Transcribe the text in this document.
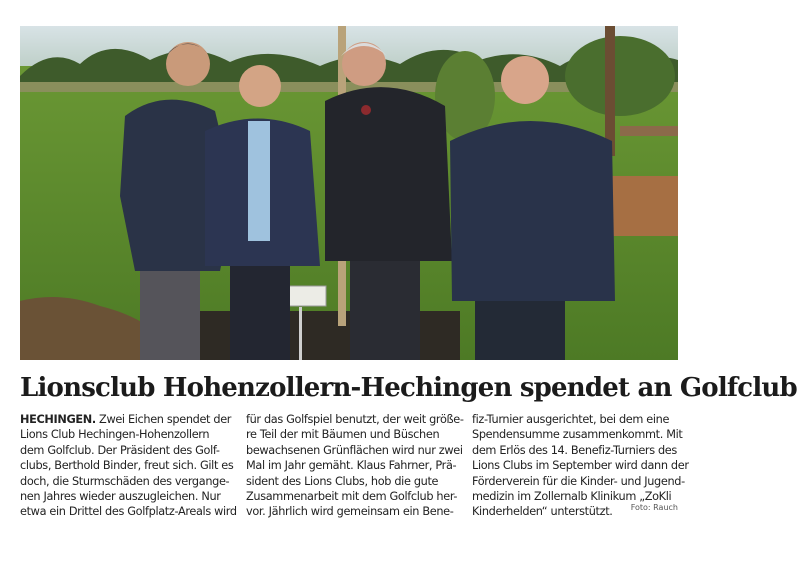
Lionsclub Hohenzollern-Hechingen spendet an Golfclub
HECHINGEN. Zwei Eichen spendet der
Lions Club Hechingen-Hohenzollern
dem Golfclub. Der Präsident des Golf-
clubs, Berthold Binder, freut sich. Gilt es
doch, die Sturmschäden des vergange-
nen Jahres wieder auszugleichen. Nur
etwa ein Drittel des Golfplatz-Areals wird
für das Golfspiel benutzt, der weit größe-
re Teil der mit Bäumen und Büschen
bewachsenen Grünflächen wird nur zwei
Mal im Jahr gemäht. Klaus Fahrner, Prä-
sident des Lions Clubs, hob die gute
Zusammenarbeit mit dem Golfclub her-
vor. Jährlich wird gemeinsam ein Bene-
fiz-Turnier ausgerichtet, bei dem eine
Spendensumme zusammenkommt. Mit
dem Erlös des 14. Benefiz-Turniers des
Lions Clubs im September wird dann der
Förderverein für die Kinder- und Jugend-
medizin im Zollernalb Klinikum „ZoKli
Kinderhelden“ unterstützt.	Foto: Rauch
